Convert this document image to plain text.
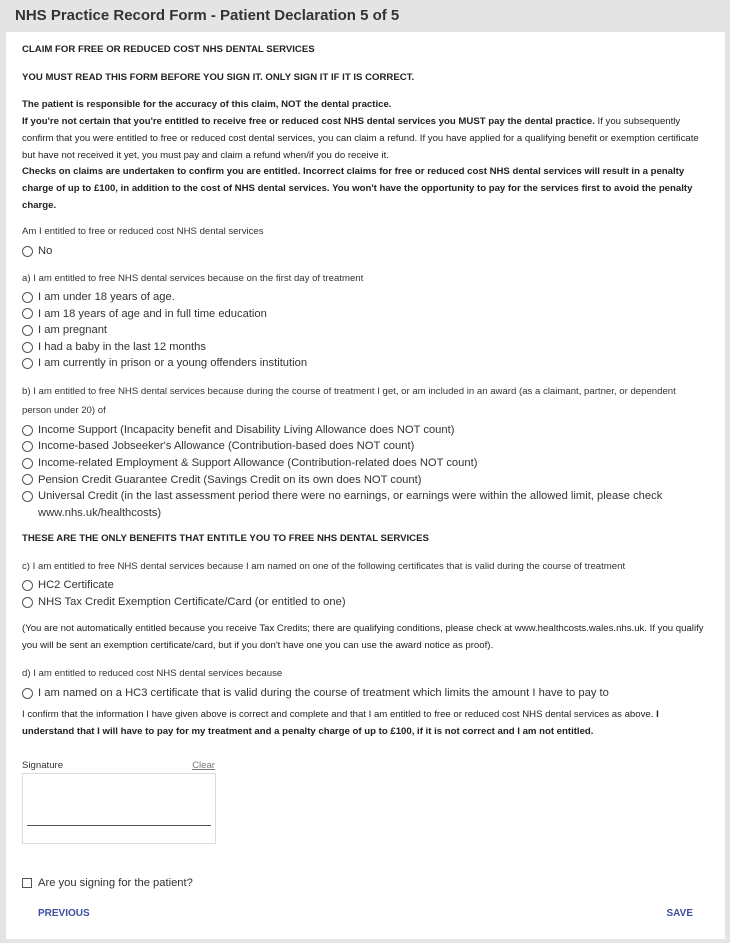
NHS Practice Record Form - Patient Declaration 5 of 5
CLAIM FOR FREE OR REDUCED COST NHS DENTAL SERVICES
YOU MUST READ THIS FORM BEFORE YOU SIGN IT. ONLY SIGN IT IF IT IS CORRECT.
The patient is responsible for the accuracy of this claim, NOT the dental practice.
If you're not certain that you're entitled to receive free or reduced cost NHS dental services you MUST pay the dental practice. If you subsequently confirm that you were entitled to free or reduced cost dental services, you can claim a refund. If you have applied for a qualifying benefit or exemption certificate but have not received it yet, you must pay and claim a refund when/if you do receive it.
Checks on claims are undertaken to confirm you are entitled. Incorrect claims for free or reduced cost NHS dental services will result in a penalty charge of up to £100, in addition to the cost of NHS dental services. You won't have the opportunity to pay for the services first to avoid the penalty charge.
Am I entitled to free or reduced cost NHS dental services
No
a) I am entitled to free NHS dental services because on the first day of treatment
I am under 18 years of age.
I am 18 years of age and in full time education
I am pregnant
I had a baby in the last 12 months
I am currently in prison or a young offenders institution
b) I am entitled to free NHS dental services because during the course of treatment I get, or am included in an award (as a claimant, partner, or dependent person under 20) of
Income Support (Incapacity benefit and Disability Living Allowance does NOT count)
Income-based Jobseeker's Allowance (Contribution-based does NOT count)
Income-related Employment & Support Allowance (Contribution-related does NOT count)
Pension Credit Guarantee Credit (Savings Credit on its own does NOT count)
Universal Credit (in the last assessment period there were no earnings, or earnings were within the allowed limit, please check www.nhs.uk/healthcosts)
THESE ARE THE ONLY BENEFITS THAT ENTITLE YOU TO FREE NHS DENTAL SERVICES
c) I am entitled to free NHS dental services because I am named on one of the following certificates that is valid during the course of treatment
HC2 Certificate
NHS Tax Credit Exemption Certificate/Card (or entitled to one)
(You are not automatically entitled because you receive Tax Credits; there are qualifying conditions, please check at www.healthcosts.wales.nhs.uk. If you qualify you will be sent an exemption certificate/card, but if you don't have one you can use the award notice as proof).
d) I am entitled to reduced cost NHS dental services because
I am named on a HC3 certificate that is valid during the course of treatment which limits the amount I have to pay to
I confirm that the information I have given above is correct and complete and that I am entitled to free or reduced cost NHS dental services as above. I understand that I will have to pay for my treatment and a penalty charge of up to £100, if it is not correct and I am not entitled.
Signature	Clear
Are you signing for the patient?
PREVIOUS	SAVE
